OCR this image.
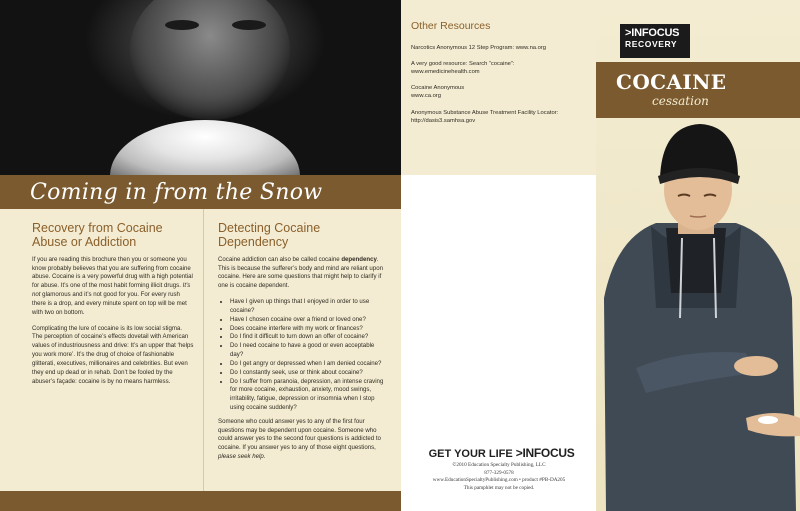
Coming in from the Snow
Recovery from Cocaine Abuse or Addiction

If you are reading this brochure then you or someone you know probably believes that you are suffering from cocaine abuse. Cocaine is a very powerful drug with a high potential for abuse. It’s one of the most habit forming illicit drugs. It’s not glamorous and it’s not good for you. For every rush there is a drop, and every minute spent on top will be met with two on bottom.

Complicating the lure of cocaine is its low social stigma. The perception of cocaine’s effects dovetail with American values of industriousness and drive: It’s an upper that ‘helps you work more’. It’s the drug of choice of fashionable glitterati, executives, millionaires and celebrities. But even they end up dead or in rehab. Don’t be fooled by the abuser’s façade: cocaine is by no means harmless.

Detecting Cocaine Dependency

Cocaine addiction can also be called cocaine dependency. This is because the sufferer’s body and mind are reliant upon cocaine. Here are some questions that might help to clarify if one is cocaine dependent.

• Have I given up things that I enjoyed in order to use cocaine?
• Have I chosen cocaine over a friend or loved one?
• Does cocaine interfere with my work or finances?
• Do I find it difficult to turn down an offer of cocaine?
• Do I need cocaine to have a good or even acceptable day?
• Do I get angry or depressed when I am denied cocaine?
• Do I constantly seek, use or think about cocaine?
• Do I suffer from paranoia, depression, an intense craving for more cocaine, exhaustion, anxiety, mood swings, irritability, fatigue, depression or insomnia when I stop using cocaine suddenly?

Someone who could answer yes to any of the first four questions may be dependent upon cocaine. Someone who could answer yes to the second four questions is addicted to cocaine. If you answer yes to any of those eight questions, please seek help.

Other Resources
Narcotics Anonymous 12 Step Program: www.na.org
A very good resource: Search “cocaine”:
www.emedicinehealth.com
Cocaine Anonymous
www.ca.org
Anonymous Substance Abuse Treatment Facility Locator:
http://dasis3.samhsa.gov
GET YOUR LIFE >INFOCUS
©2010 Education Specialty Publishing, LLC
877-329-0578
www.EducationSpecialtyPublishing.com • product #PB-DA205
This pamphlet may not be copied.
>INFOCUS
RECOVERY
COCAINE
cessation
